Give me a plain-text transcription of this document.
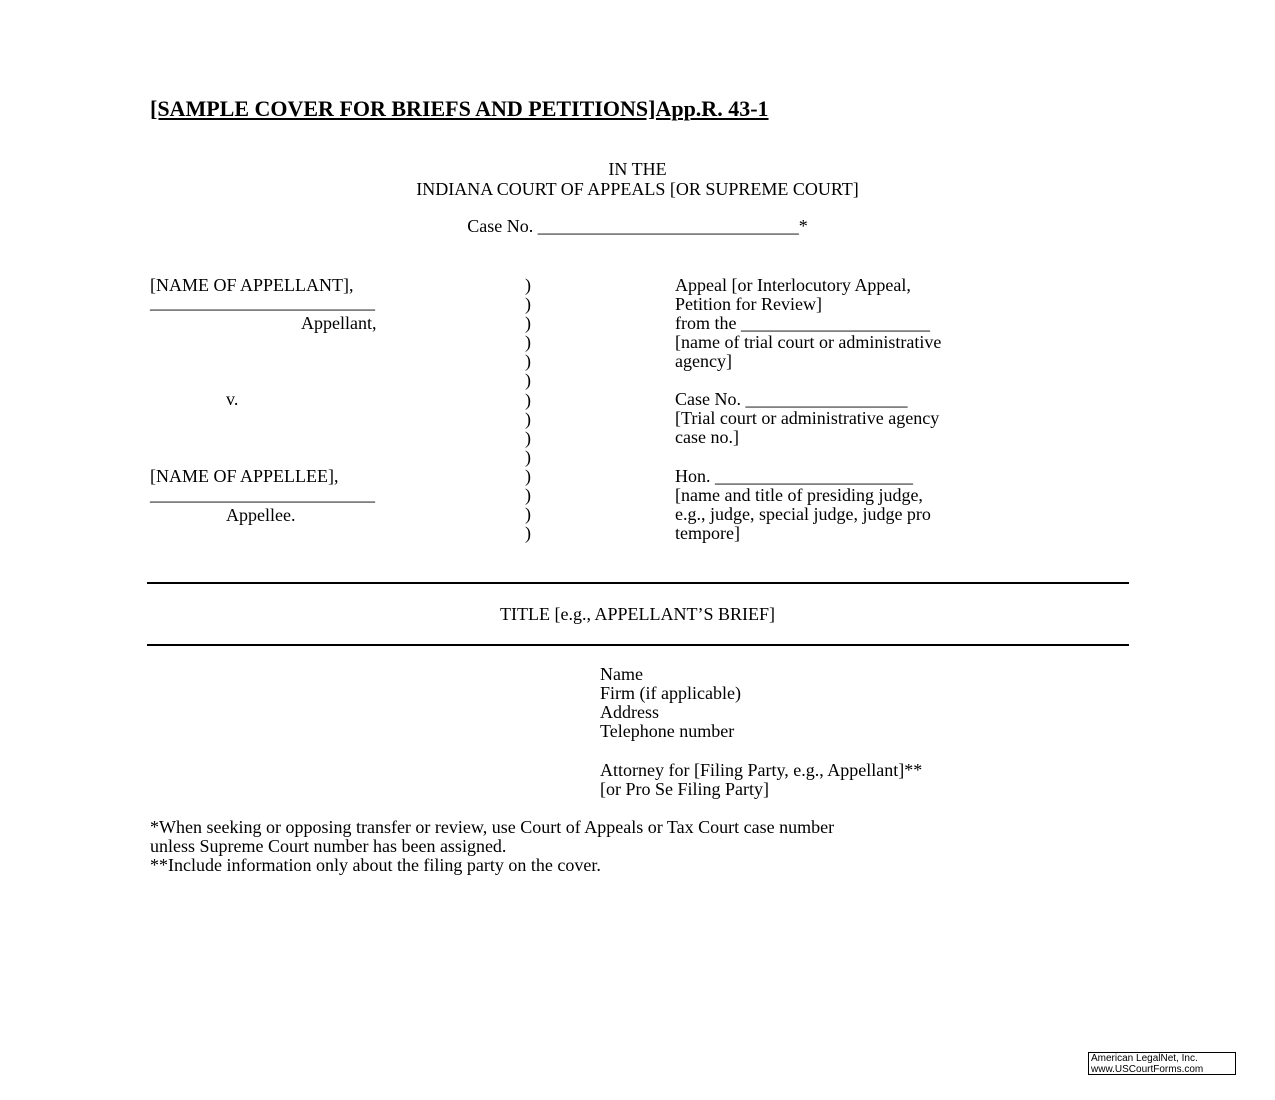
[SAMPLE COVER FOR BRIEFS AND PETITIONS]App.R. 43-1
IN THE
INDIANA COURT OF APPEALS [OR SUPREME COURT]
Case No. _____________________________*
[NAME OF APPELLANT],
_________________________
Appellant,
v.
[NAME OF APPELLEE],
_________________________
Appellee.
)
)
)
)
)
)
)
)
)
)
)
)
)
)
Appeal [or Interlocutory Appeal,
Petition for Review]
from the _____________________
[name of trial court or administrative
agency]
Case No. __________________
[Trial court or administrative agency
case no.]
Hon. ______________________
[name and title of presiding judge,
e.g., judge, special judge, judge pro
tempore]
TITLE [e.g., APPELLANT’S BRIEF]
Name
Firm (if applicable)
Address
Telephone number
Attorney for [Filing Party, e.g., Appellant]**
[or Pro Se Filing Party]
*When seeking or opposing transfer or review, use Court of Appeals or Tax Court case number
unless Supreme Court number has been assigned.
**Include information only about the filing party on the cover.
American LegalNet, Inc.
www.USCourtForms.com
